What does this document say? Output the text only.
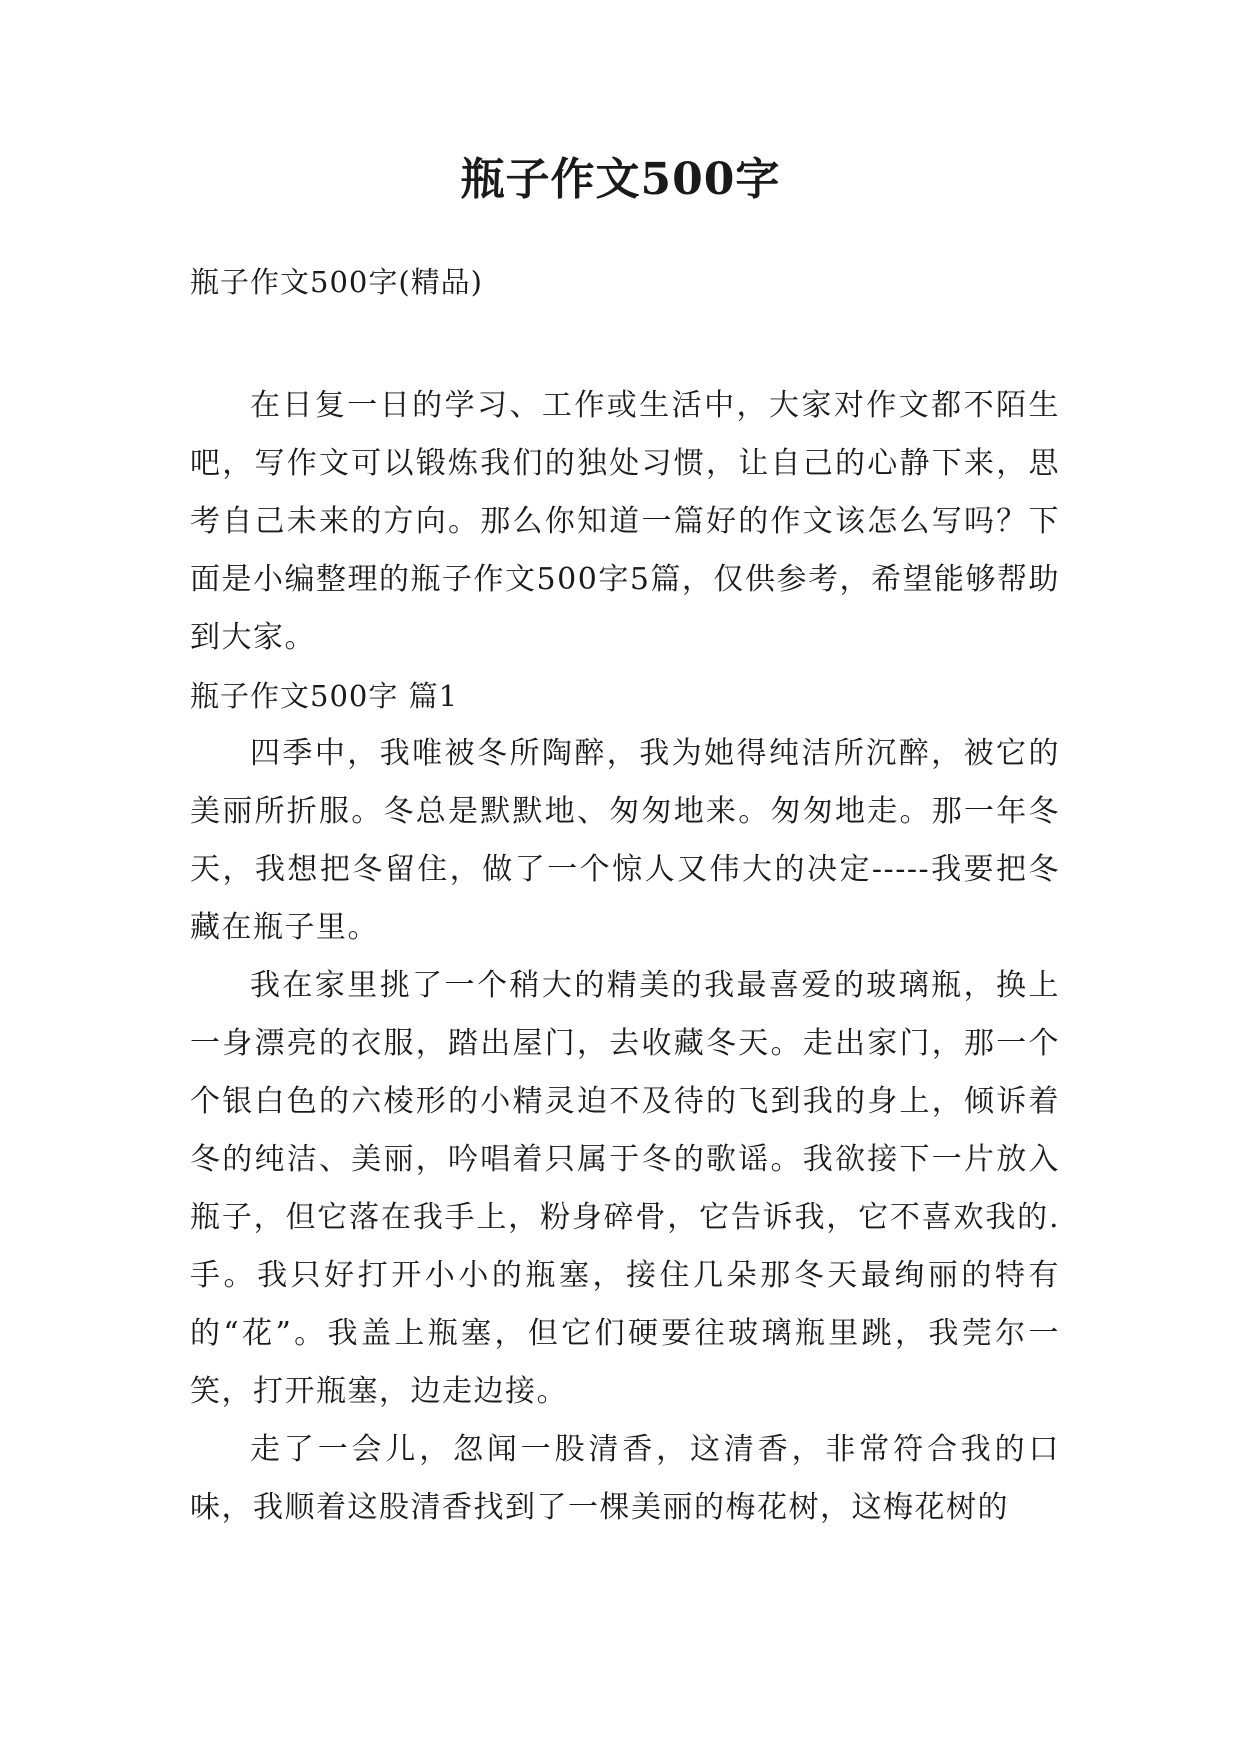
瓶子作文500字

瓶子作文500字(精品)

在日复一日的学习、工作或生活中，大家对作文都不陌生吧，写作文可以锻炼我们的独处习惯，让自己的心静下来，思考自己未来的方向。那么你知道一篇好的作文该怎么写吗？下面是小编整理的瓶子作文500字5篇，仅供参考，希望能够帮助到大家。

瓶子作文500字 篇1

四季中，我唯被冬所陶醉，我为她得纯洁所沉醉，被它的美丽所折服。冬总是默默地、匆匆地来。匆匆地走。那一年冬天，我想把冬留住，做了一个惊人又伟大的决定-----我要把冬藏在瓶子里。

我在家里挑了一个稍大的精美的我最喜爱的玻璃瓶，换上一身漂亮的衣服，踏出屋门，去收藏冬天。走出家门，那一个个银白色的六棱形的小精灵迫不及待的飞到我的身上，倾诉着冬的纯洁、美丽，吟唱着只属于冬的歌谣。我欲接下一片放入瓶子，但它落在我手上，粉身碎骨，它告诉我，它不喜欢我的.手。我只好打开小小的瓶塞，接住几朵那冬天最绚丽的特有的“花”。我盖上瓶塞，但它们硬要往玻璃瓶里跳，我莞尔一笑，打开瓶塞，边走边接。

走了一会儿，忽闻一股清香，这清香，非常符合我的口味，我顺着这股清香找到了一棵美丽的梅花树，这梅花树的
